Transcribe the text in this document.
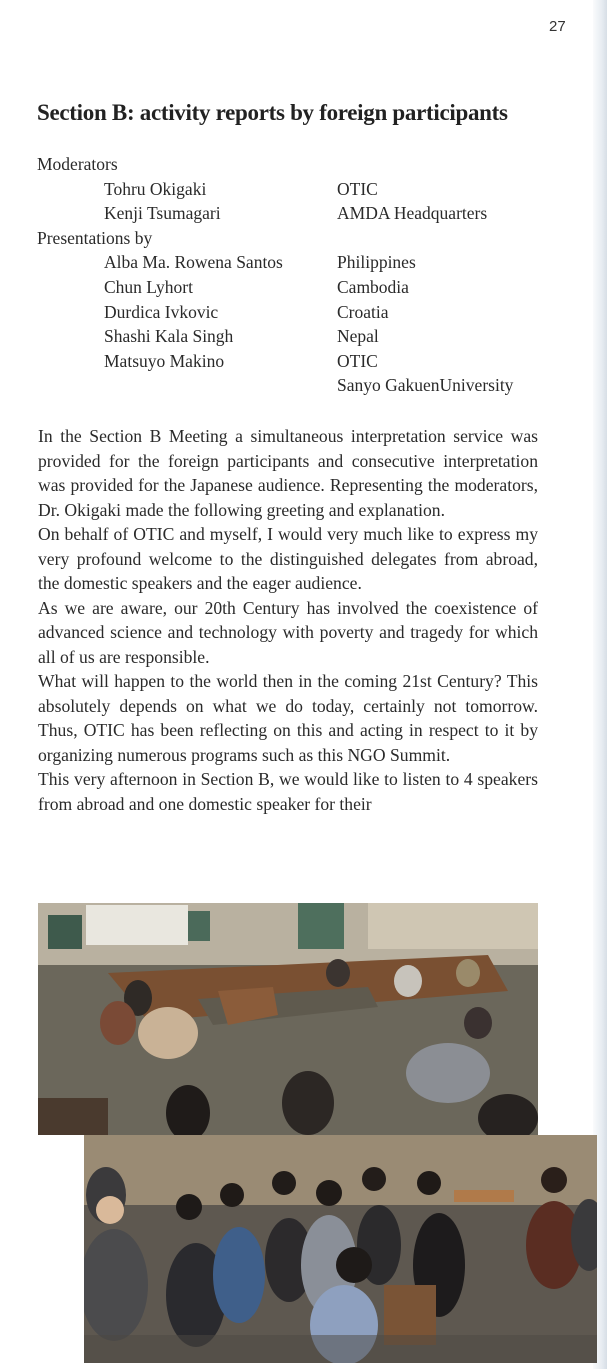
27
Section B: activity reports by foreign participants
Moderators
Tohru Okigaki	OTIC
Kenji Tsumagari	AMDA Headquarters
Presentations by
Alba Ma. Rowena Santos	Philippines
Chun Lyhort	Cambodia
Durdica Ivkovic	Croatia
Shashi Kala Singh	Nepal
Matsuyo Makino	OTIC
Sanyo GakuenUniversity

In the Section B Meeting a simultaneous interpretation service was provided for the foreign participants and consecutive interpretation was provided for the Japanese audience. Representing the moderators, Dr. Okigaki made the following greeting and explanation.

On behalf of OTIC and myself, I would very much like to express my very profound welcome to the distinguished delegates from abroad, the domestic speakers and the eager audience.

As we are aware, our 20th Century has involved the coexistence of advanced science and technology with poverty and tragedy for which all of us are responsible.

What will happen to the world then in the coming 21st Century? This absolutely depends on what we do today, certainly not tomorrow. Thus, OTIC has been reflecting on this and acting in respect to it by organizing numerous programs such as this NGO Summit.

This very afternoon in Section B, we would like to listen to 4 speakers from abroad and one domestic speaker for their
